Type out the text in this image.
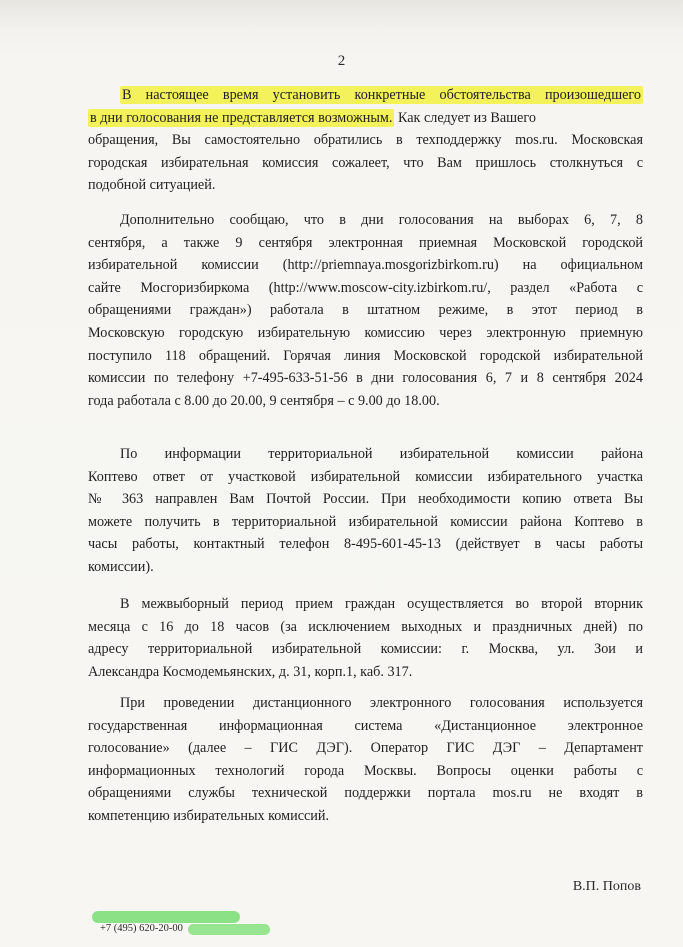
2
В настоящее время установить конкретные обстоятельства произошедшего
в дни голосования не представляется возможным. Как следует из Вашего
обращения, Вы самостоятельно обратились в техподдержку mos.ru. Московская
городская избирательная комиссия сожалеет, что Вам пришлось столкнуться с
подобной ситуацией.
Дополнительно сообщаю, что в дни голосования на выборах 6, 7, 8
сентября, а также 9 сентября электронная приемная Московской городской
избирательной комиссии (http://priemnaya.mosgorizbirkom.ru) на официальном
сайте Мосгоризбиркома (http://www.moscow-city.izbirkom.ru/, раздел «Работа с
обращениями граждан») работала в штатном режиме, в этот период в
Московскую городскую избирательную комиссию через электронную приемную
поступило 118 обращений. Горячая линия Московской городской избирательной
комиссии по телефону +7-495-633-51-56 в дни голосования 6, 7 и 8 сентября 2024
года работала с 8.00 до 20.00, 9 сентября – с 9.00 до 18.00.
По информации территориальной избирательной комиссии района
Коптево ответ от участковой избирательной комиссии избирательного участка
№ 363 направлен Вам Почтой России. При необходимости копию ответа Вы
можете получить в территориальной избирательной комиссии района Коптево в
часы работы, контактный телефон 8-495-601-45-13 (действует в часы работы
комиссии).
В межвыборный период прием граждан осуществляется во второй вторник
месяца с 16 до 18 часов (за исключением выходных и праздничных дней) по
адресу территориальной избирательной комиссии: г. Москва, ул. Зои и
Александра Космодемьянских, д. 31, корп.1, каб. 317.
При проведении дистанционного электронного голосования используется
государственная информационная система «Дистанционное электронное
голосование» (далее – ГИС ДЭГ). Оператор ГИС ДЭГ – Департамент
информационных технологий города Москвы. Вопросы оценки работы с
обращениями службы технической поддержки портала mos.ru не входят в
компетенцию избирательных комиссий.
В.П. Попов
+7 (495) 620-20-00
